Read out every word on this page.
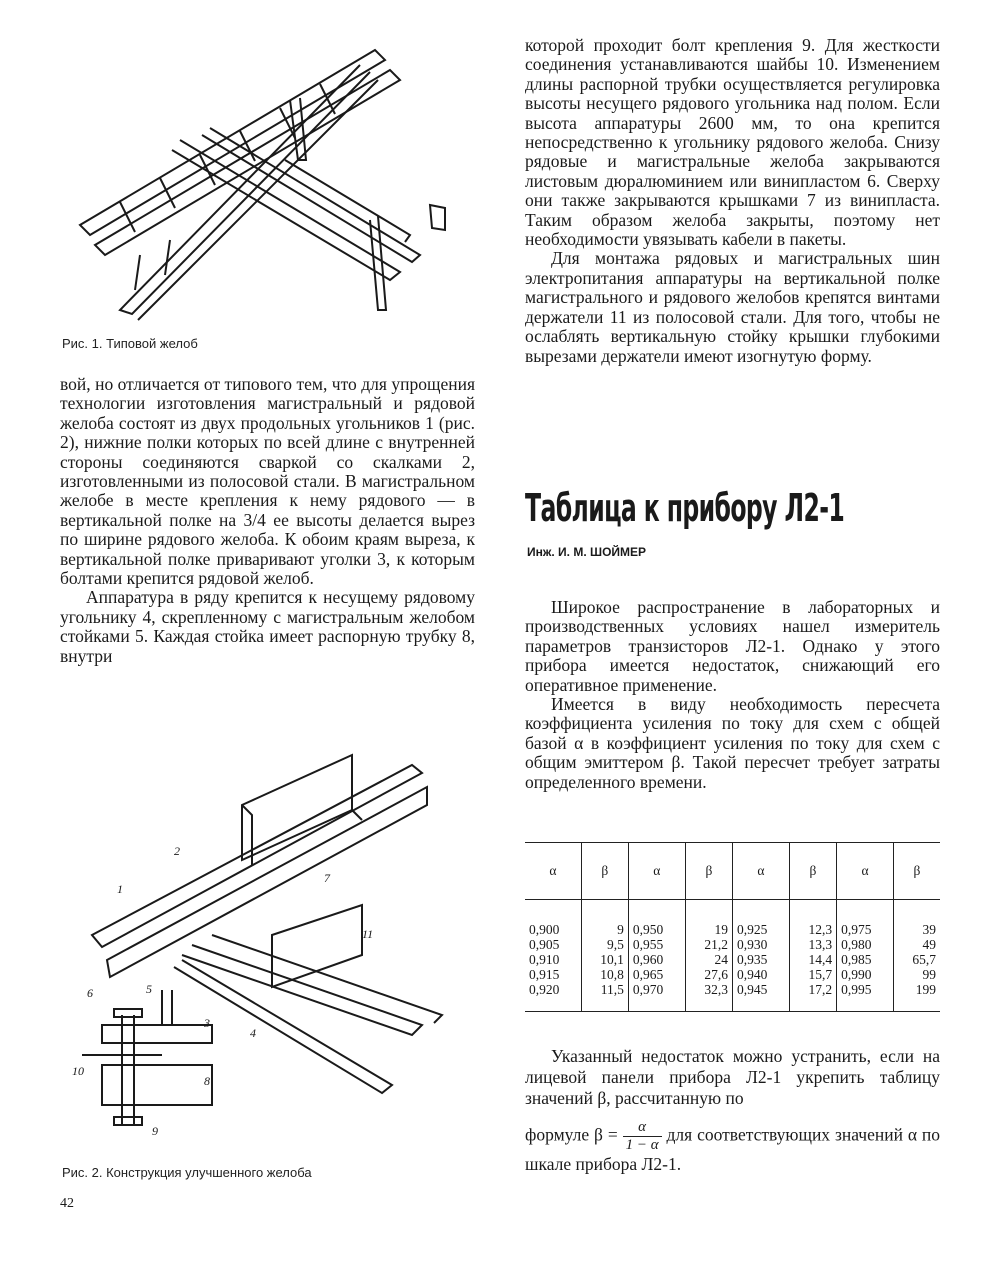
Рис. 1. Типовой желоб

вой, но отличается от типового тем, что для упрощения технологии изготовления магистральный и рядовой желоба состоят из двух продольных угольников 1 (рис. 2), нижние полки которых по всей длине с внутренней стороны соединяются сваркой со скалками 2, изготовленными из полосовой стали. В магистральном желобе в месте крепления к нему рядового — в вертикальной полке на 3/4 ее высоты делается вырез по ширине рядового желоба. К обоим краям выреза, к вертикальной полке приваривают уголки 3, к которым болтами крепится рядовой желоб.

Аппаратура в ряду крепится к несущему рядовому угольнику 4, скрепленному с магистральным желобом стойками 5. Каждая стойка имеет распорную трубку 8, внутри

1
2
3
4
5
6
7
8
9
10
11
Рис. 2. Конструкция улучшенного желоба
42

которой проходит болт крепления 9. Для жесткости соединения устанавливаются шайбы 10. Изменением длины распорной трубки осуществляется регулировка высоты несущего рядового угольника над полом. Если высота аппаратуры 2600 мм, то она крепится непосредственно к угольнику рядового желоба. Снизу рядовые и магистральные желоба закрываются листовым дюралюминием или винипластом 6. Сверху они также закрываются крышками 7 из винипласта. Таким образом желоба закрыты, поэтому нет необходимости увязывать кабели в пакеты.

Для монтажа рядовых и магистральных шин электропитания аппаратуры на вертикальной полке магистрального и рядового желобов крепятся винтами держатели 11 из полосовой стали. Для того, чтобы не ослаблять вертикальную стойку крышки глубокими вырезами держатели имеют изогнутую форму.

Таблица к прибору Л2-1
Инж. И. М. ШОЙМЕР

Широкое распространение в лабораторных и производственных условиях нашел измеритель параметров транзисторов Л2-1. Однако у этого прибора имеется недостаток, снижающий его оперативное применение.

Имеется в виду необходимость пересчета коэффициента усиления по току для схем с общей базой α в коэффициент усиления по току для схем с общим эмиттером β. Такой пересчет требует затраты определенного времени.

α	β	α	β	α	β	α	β
0,900	9	0,950	19	0,925	12,3	0,975	39
0,905	9,5	0,955	21,2	0,930	13,3	0,980	49
0,910	10,1	0,960	24	0,935	14,4	0,985	65,7
0,915	10,8	0,965	27,6	0,940	15,7	0,990	99
0,920	11,5	0,970	32,3	0,945	17,2	0,995	199

Указанный недостаток можно устранить, если на лицевой панели прибора Л2-1 укрепить таблицу значений β, рассчитанную по

формуле $\beta = \frac{\alpha}{1 - \alpha}$ для соответствующих значений α по шкале прибора Л2-1.
